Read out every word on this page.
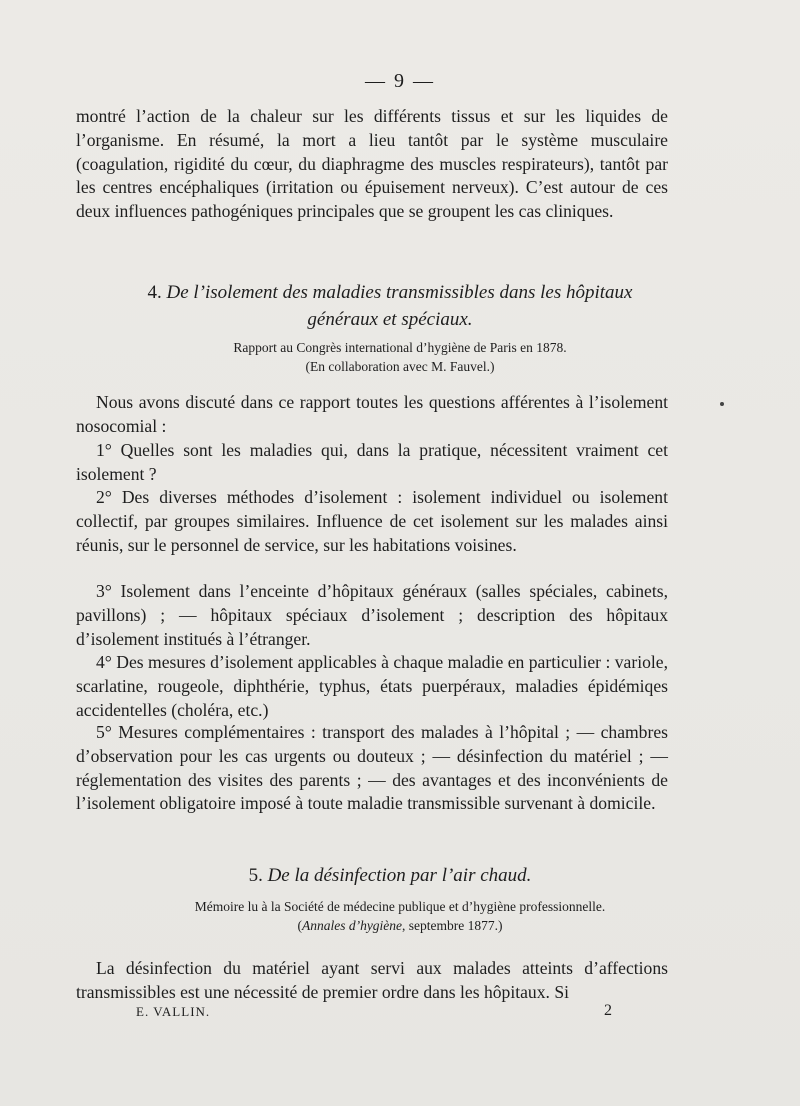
— 9 —
montré l’action de la chaleur sur les différents tissus et sur les liquides de l’organisme. En résumé, la mort a lieu tantôt par le système musculaire (coagulation, rigidité du cœur, du diaphragme des muscles respirateurs), tantôt par les centres encéphaliques (irritation ou épuisement nerveux). C’est autour de ces deux influences pathogéniques principales que se groupent les cas cliniques.
4. De l’isolement des maladies transmissibles dans les hôpitaux
généraux et spéciaux.
Rapport au Congrès international d’hygiène de Paris en 1878.
(En collaboration avec M. Fauvel.)
Nous avons discuté dans ce rapport toutes les questions afférentes à l’isolement nosocomial :
1° Quelles sont les maladies qui, dans la pratique, nécessitent vraiment cet isolement ?
2° Des diverses méthodes d’isolement : isolement individuel ou isolement collectif, par groupes similaires. Influence de cet isolement sur les malades ainsi réunis, sur le personnel de service, sur les habitations voisines.
3° Isolement dans l’enceinte d’hôpitaux généraux (salles spéciales, cabinets, pavillons) ; — hôpitaux spéciaux d’isolement ; description des hôpitaux d’isolement institués à l’étranger.
4° Des mesures d’isolement applicables à chaque maladie en particulier : variole, scarlatine, rougeole, diphthérie, typhus, états puerpéraux, maladies épidémiqes accidentelles (choléra, etc.)
5° Mesures complémentaires : transport des malades à l’hôpital ; — chambres d’observation pour les cas urgents ou douteux ; — désinfection du matériel ; — réglementation des visites des parents ; — des avantages et des inconvénients de l’isolement obligatoire imposé à toute maladie transmissible survenant à domicile.
5. De la désinfection par l’air chaud.
Mémoire lu à la Société de médecine publique et d’hygiène professionnelle.
(Annales d’hygiène, septembre 1877.)
La désinfection du matériel ayant servi aux malades atteints d’affections transmissibles est une nécessité de premier ordre dans les hôpitaux. Si
E. VALLIN.	2
